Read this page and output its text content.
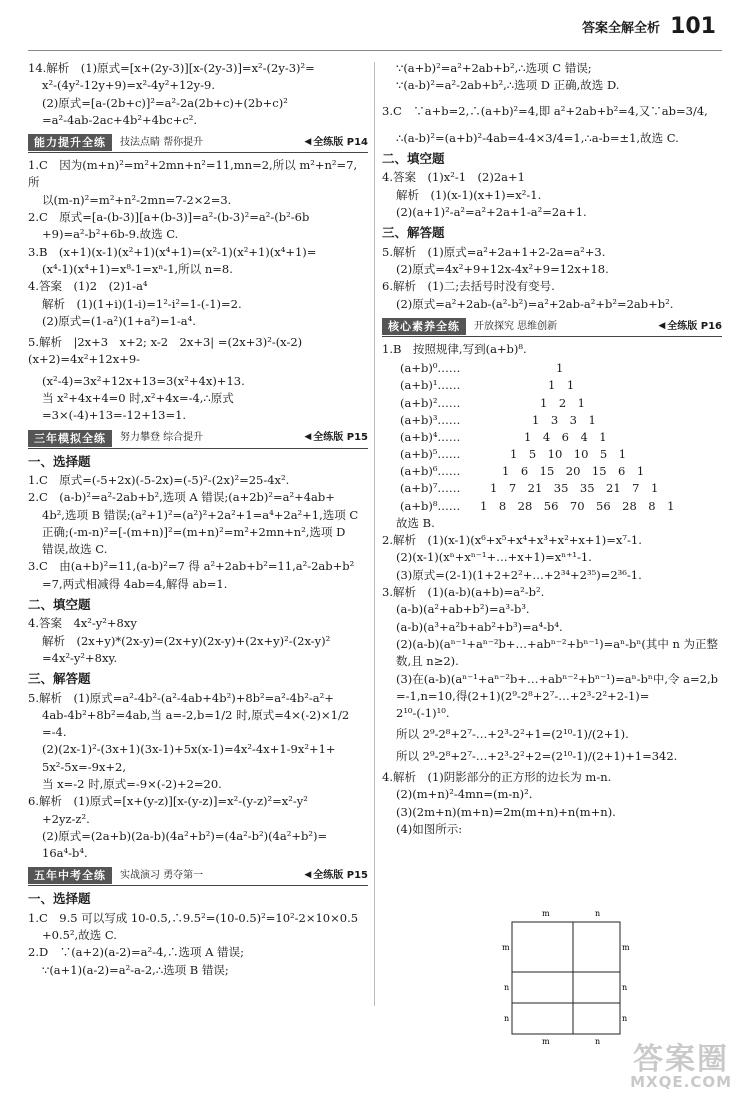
答案全解全析 101
14.解析　(1)原式=[x+(2y-3)][x-(2y-3)]=x²-(2y-3)²=
x²-(4y²-12y+9)=x²-4y²+12y-9.
(2)原式=[a-(2b+c)]²=a²-2a(2b+c)+(2b+c)²
=a²-4ab-2ac+4b²+4bc+c².
能力提升全练	技法点睛 帮你提升	◀ 全练版 P14
1.C　因为(m+n)²=m²+2mn+n²=11,mn=2,所以 m²+n²=7,所
以(m-n)²=m²+n²-2mn=7-2×2=3.
2.C　原式=[a-(b-3)][a+(b-3)]=a²-(b-3)²=a²-(b²-6b
+9)=a²-b²+6b-9.故选 C.
3.B　(x+1)(x-1)(x²+1)(x⁴+1)=(x²-1)(x²+1)(x⁴+1)=
(x⁴-1)(x⁴+1)=x⁸-1=xⁿ-1,所以 n=8.
4.答案　(1)2　(2)1-a⁴
解析　(1)(1+i)(1-i)=1²-i²=1-(-1)=2.
(2)原式=(1-a²)(1+a²)=1-a⁴.
5.解析　|2x+3　x+2; x-2　2x+3| =(2x+3)²-(x-2)(x+2)=4x²+12x+9-
(x²-4)=3x²+12x+13=3(x²+4x)+13.
当 x²+4x+4=0 时,x²+4x=-4,∴原式=3×(-4)+13=-12+13=1.
三年模拟全练	努力攀登 综合提升	◀ 全练版 P15
一、选择题
1.C　原式=(-5+2x)(-5-2x)=(-5)²-(2x)²=25-4x².
2.C　(a-b)²=a²-2ab+b²,选项 A 错误;(a+2b)²=a²+4ab+
4b²,选项 B 错误;(a²+1)²=(a²)²+2a²+1=a⁴+2a²+1,选项 C
正确;(-m-n)²=[-(m+n)]²=(m+n)²=m²+2mn+n²,选项 D
错误,故选 C.
3.C　由(a+b)²=11,(a-b)²=7 得 a²+2ab+b²=11,a²-2ab+b²
=7,两式相减得 4ab=4,解得 ab=1.
二、填空题
4.答案　4x²-y²+8xy
解析　(2x+y)*(2x-y)=(2x+y)(2x-y)+(2x+y)²-(2x-y)²
=4x²-y²+8xy.
三、解答题
5.解析　(1)原式=a²-4b²-(a²-4ab+4b²)+8b²=a²-4b²-a²+
4ab-4b²+8b²=4ab,当 a=-2,b=1/2 时,原式=4×(-2)×1/2
=-4.
(2)(2x-1)²-(3x+1)(3x-1)+5x(x-1)=4x²-4x+1-9x²+1+
5x²-5x=-9x+2,
当 x=-2 时,原式=-9×(-2)+2=20.
6.解析　(1)原式=[x+(y-z)][x-(y-z)]=x²-(y-z)²=x²-y²
+2yz-z².
(2)原式=(2a+b)(2a-b)(4a²+b²)=(4a²-b²)(4a²+b²)=
16a⁴-b⁴.
五年中考全练	实战演习 勇夺第一	◀ 全练版 P15
一、选择题
1.C　9.5 可以写成 10-0.5,∴9.5²=(10-0.5)²=10²-2×10×0.5
+0.5²,故选 C.
2.D　∵(a+2)(a-2)=a²-4,∴选项 A 错误;
∵(a+1)(a-2)=a²-a-2,∴选项 B 错误;
∵(a+b)²=a²+2ab+b²,∴选项 C 错误;
∵(a-b)²=a²-2ab+b²,∴选项 D 正确,故选 D.
3.C　∵a+b=2,∴(a+b)²=4,即 a²+2ab+b²=4,又∵ab=3/4,
∴(a-b)²=(a+b)²-4ab=4-4×3/4=1,∴a-b=±1,故选 C.
二、填空题
4.答案　(1)x²-1　(2)2a+1
解析　(1)(x-1)(x+1)=x²-1.
(2)(a+1)²-a²=a²+2a+1-a²=2a+1.
三、解答题
5.解析　(1)原式=a²+2a+1+2-2a=a²+3.
(2)原式=4x²+9+12x-4x²+9=12x+18.
6.解析　(1)二;去括号时没有变号.
(2)原式=a²+2ab-(a²-b²)=a²+2ab-a²+b²=2ab+b².
核心素养全练	开放探究 思维创新	◀ 全练版 P16
1.B　按照规律,写到(a+b)⁸.
(a+b)⁰……	1
(a+b)¹……	1　1
(a+b)²……	1　2　1
(a+b)³……	1　3　3　1
(a+b)⁴……	1　4　6　4　1
(a+b)⁵……	1　5　10　10　5　1
(a+b)⁶……	1　6　15　20　15　6　1
(a+b)⁷……	1　7　21　35　35　21　7　1
(a+b)⁸……	1　8　28　56　70　56　28　8　1
故选 B.
2.解析　(1)(x-1)(x⁶+x⁵+x⁴+x³+x²+x+1)=x⁷-1.
(2)(x-1)(xⁿ+xⁿ⁻¹+…+x+1)=xⁿ⁺¹-1.
(3)原式=(2-1)(1+2+2²+…+2³⁴+2³⁵)=2³⁶-1.
3.解析　(1)(a-b)(a+b)=a²-b².
(a-b)(a²+ab+b²)=a³-b³.
(a-b)(a³+a²b+ab²+b³)=a⁴-b⁴.
(2)(a-b)(aⁿ⁻¹+aⁿ⁻²b+…+abⁿ⁻²+bⁿ⁻¹)=aⁿ-bⁿ(其中 n 为正整
数,且 n≥2).
(3)在(a-b)(aⁿ⁻¹+aⁿ⁻²b+…+abⁿ⁻²+bⁿ⁻¹)=aⁿ-bⁿ中,令 a=2,b
=-1,n=10,得(2+1)(2⁹-2⁸+2⁷-…+2³-2²+2-1)=
2¹⁰-(-1)¹⁰.
所以 2⁹-2⁸+2⁷-…+2³-2²+1=(2¹⁰-1)/(2+1).
所以 2⁹-2⁸+2⁷-…+2³-2²+2=(2¹⁰-1)/(2+1)+1=342.
4.解析　(1)阴影部分的正方形的边长为 m-n.
(2)(m+n)²-4mn=(m-n)².
(3)(2m+n)(m+n)=2m(m+n)+n(m+n).
(4)如图所示:
m	n
m
n
n
m
n
n
m	n
答案圈
MXQE.COM
